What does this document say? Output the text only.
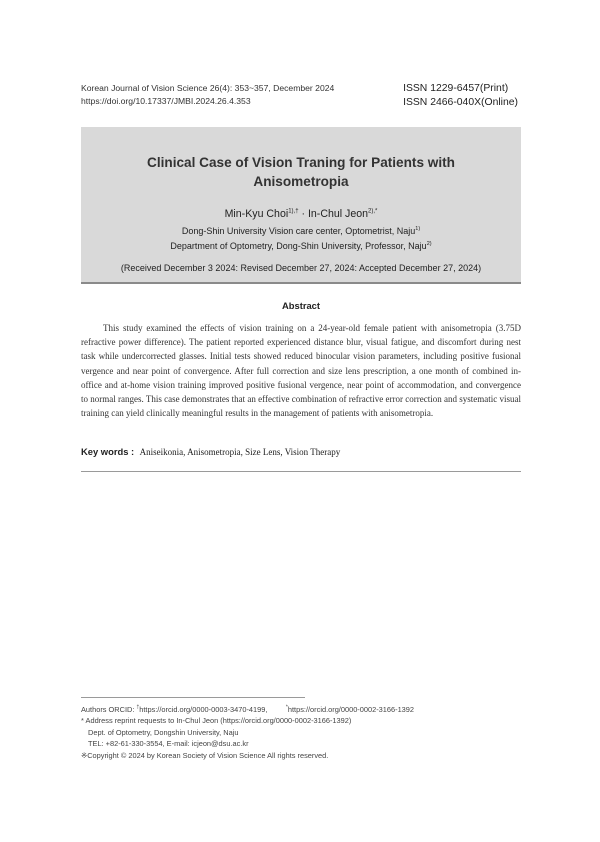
Korean Journal of Vision Science 26(4): 353~357, December 2024
https://doi.org/10.17337/JMBI.2024.26.4.353
ISSN 1229-6457(Print)
ISSN 2466-040X(Online)
Clinical Case of Vision Traning for Patients with
Anisometropia
Min-Kyu Choi$^{1),\dagger}$ · In-Chul Jeon$^{2),*}$
Dong-Shin University Vision care center, Optometrist, Naju$^{1)}$
Department of Optometry, Dong-Shin University, Professor, Naju$^{2)}$
(Received December 3 2024: Revised December 27, 2024: Accepted December 27, 2024)
Abstract

This study examined the effects of vision training on a 24-year-old female patient with anisometropia (3.75D refractive power difference). The patient reported experienced distance blur, visual fatigue, and discomfort during nest task while undercorrected glasses. Initial tests showed reduced binocular vision parameters, including positive fusional vergence and near point of convergence. After full correction and size lens prescription, a one month of combined in-office and at-home vision training improved positive fusional vergence, near point of accommodation, and convergence to normal ranges. This case demonstrates that an effective combination of refractive error correction and systematic visual training can yield clinically meaningful results in the management of patients with anisometropia.

Key words : Aniseikonia, Anisometropia, Size Lens, Vision Therapy
Authors ORCID: †https://orcid.org/0000-0003-3470-4199,	*https://orcid.org/0000-0002-3166-1392
* Address reprint requests to In-Chul Jeon (https://orcid.org/0000-0002-3166-1392)
Dept. of Optometry, Dongshin University, Naju
TEL: +82-61-330-3554, E-mail: icjeon@dsu.ac.kr
※Copyright © 2024 by Korean Society of Vision Science All rights reserved.
